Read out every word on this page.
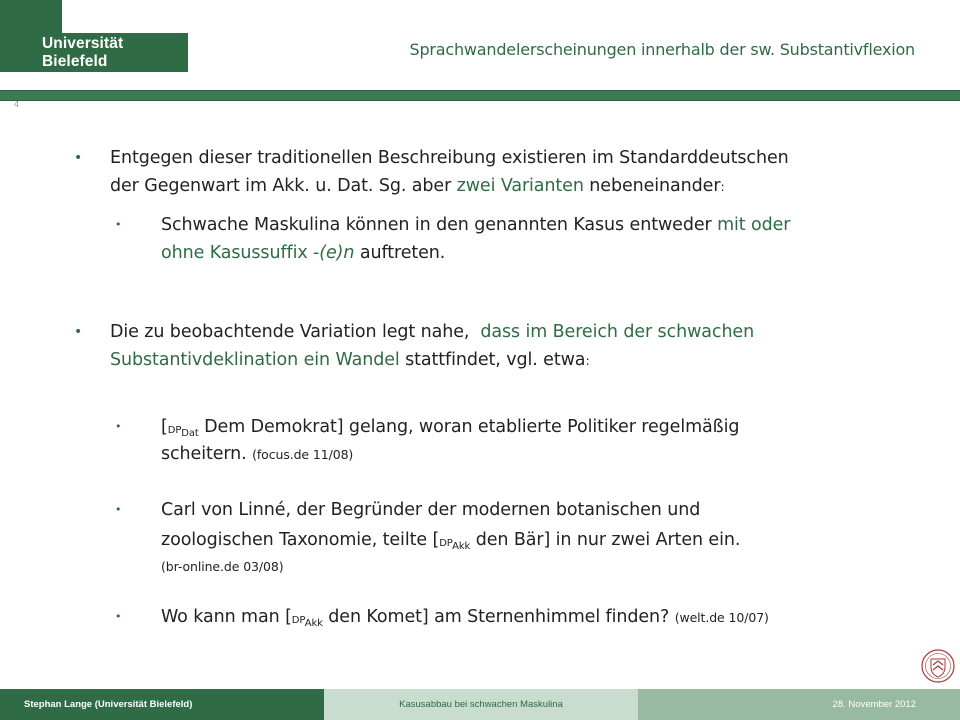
Universität Bielefeld
Sprachwandelerscheinungen innerhalb der sw. Substantivflexion
4
• Entgegen dieser traditionellen Beschreibung existieren im Standarddeutschen
der Gegenwart im Akk. u. Dat. Sg. aber zwei Varianten nebeneinander:
• Schwache Maskulina können in den genannten Kasus entweder mit oder
ohne Kasussuffix -(e)n auftreten.
• Die zu beobachtende Variation legt nahe,  dass im Bereich der schwachen
Substantivdeklination ein Wandel stattfindet, vgl. etwa:
• [$DP_{Dat}$ Dem Demokrat] gelang, woran etablierte Politiker regelmäßig
scheitern. (focus.de 11/08)
• Carl von Linné, der Begründer der modernen botanischen und
zoologischen Taxonomie, teilte [$DP_{Akk}$ den Bär] in nur zwei Arten ein.
(br-online.de 03/08)
• Wo kann man [$DP_{Akk}$ den Komet] am Sternenhimmel finden? (welt.de 10/07)
Stephan Lange (Universität Bielefeld)	Kasusabbau bei schwachen Maskulina	28. November 2012
